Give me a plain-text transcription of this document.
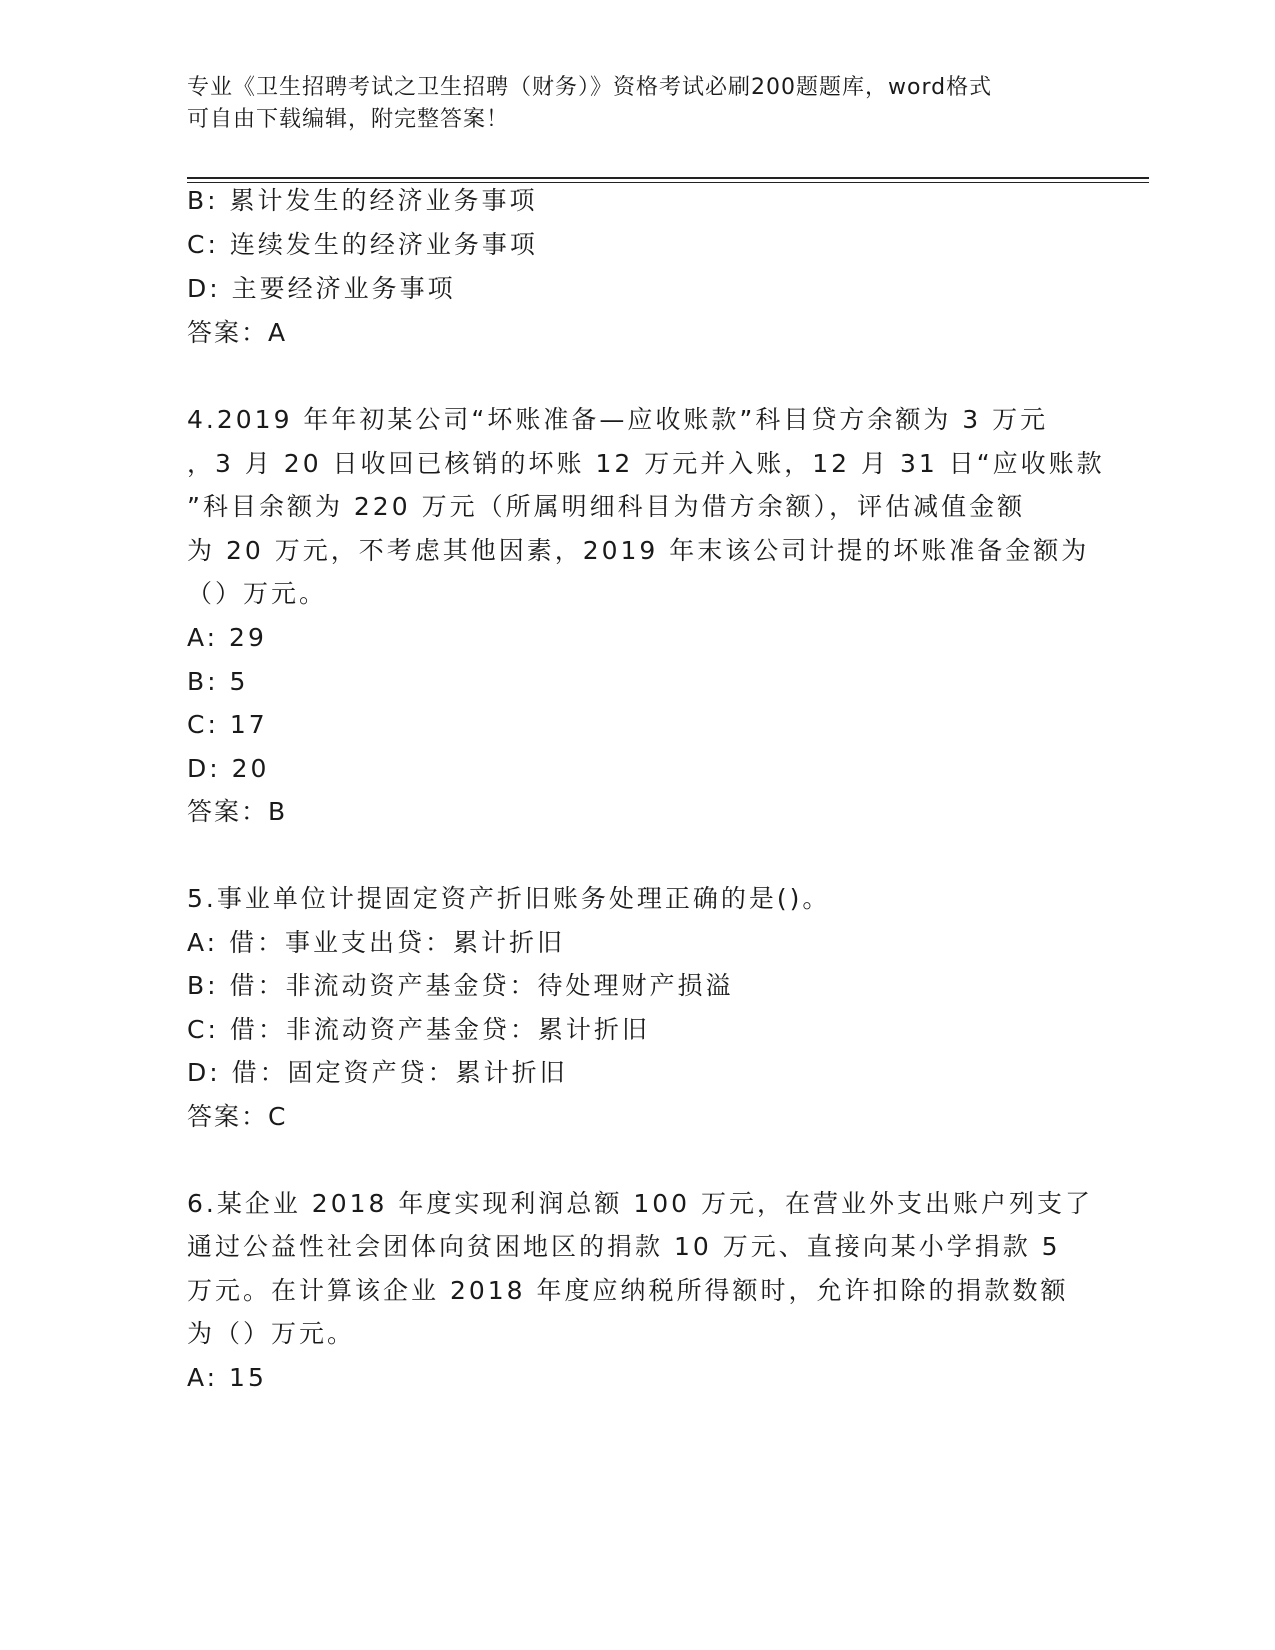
专业《卫生招聘考试之卫生招聘（财务）》资格考试必刷200题题库，word格式
可自由下载编辑，附完整答案！
B: 累计发生的经济业务事项
C: 连续发生的经济业务事项
D: 主要经济业务事项
答案：A
4.2019 年年初某公司“坏账准备—应收账款”科目贷方余额为 3 万元
，3 月 20 日收回已核销的坏账 12 万元并入账，12 月 31 日“应收账款
”科目余额为 220 万元（所属明细科目为借方余额），评估减值金额
为 20 万元，不考虑其他因素，2019 年末该公司计提的坏账准备金额为
（）万元。
A: 29
B: 5
C: 17
D: 20
答案：B
5.事业单位计提固定资产折旧账务处理正确的是()。
A: 借：事业支出贷：累计折旧
B: 借：非流动资产基金贷：待处理财产损溢
C: 借：非流动资产基金贷：累计折旧
D: 借：固定资产贷：累计折旧
答案：C
6.某企业 2018 年度实现利润总额 100 万元，在营业外支出账户列支了
通过公益性社会团体向贫困地区的捐款 10 万元、直接向某小学捐款 5
万元。在计算该企业 2018 年度应纳税所得额时，允许扣除的捐款数额
为（）万元。
A: 15
